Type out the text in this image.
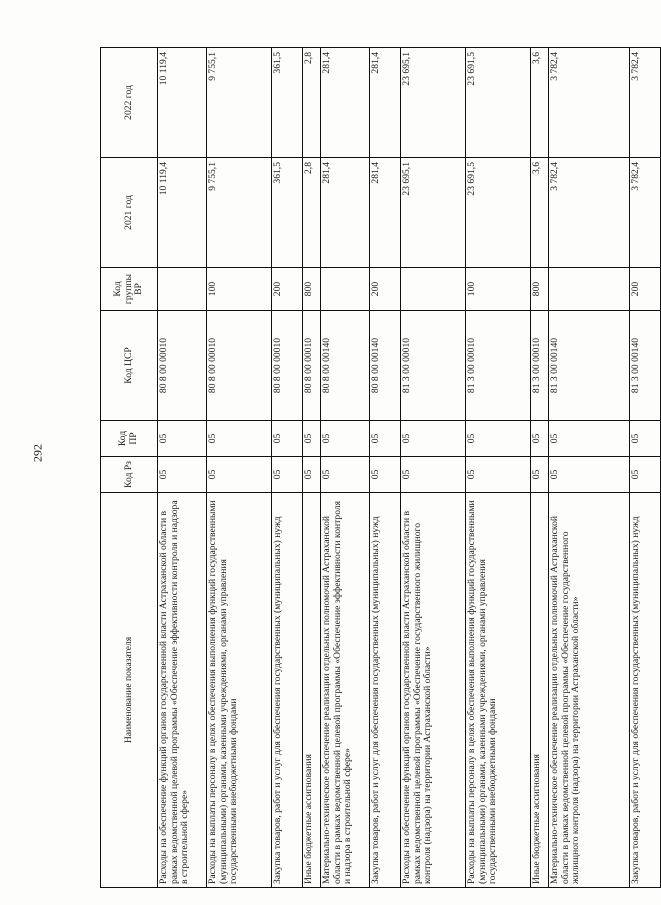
292
Наименование показателя	Код Рз	Код ПР	Код ЦСР	Код группы ВР	2021 год	2022 год
Расходы на обеспечение функций органов государственной власти Астраханской области в рамках ведомственной целевой программы «Обеспечение эффективности контроля и надзора в строительной сфере»	05	05	80 8 00 00010		10 119,4	10 119,4
Расходы на выплаты персоналу в целях обеспечения выполнения функций государственными (муниципальными) органами, казенными учреждениями, органами управления государственными внебюджетными фондами	05	05	80 8 00 00010	100	9 755,1	9 755,1
Закупка товаров, работ и услуг для обеспечения государственных (муниципальных) нужд	05	05	80 8 00 00010	200	361,5	361,5
Иные бюджетные ассигнования	05	05	80 8 00 00010	800	2,8	2,8
Материально-техническое обеспечение реализации отдельных полномочий Астраханской области в рамках ведомственной целевой программы «Обеспечение эффективности контроля и надзора в строительной сфере»	05	05	80 8 00 00140		281,4	281,4
Закупка товаров, работ и услуг для обеспечения государственных (муниципальных) нужд	05	05	80 8 00 00140	200	281,4	281,4
Расходы на обеспечение функций органов государственной власти Астраханской области в рамках ведомственной целевой программы «Обеспечение государственного жилищного контроля (надзора) на территории Астраханской области»	05	05	81 3 00 00010		23 695,1	23 695,1
Расходы на выплаты персоналу в целях обеспечения выполнения функций государственными (муниципальными) органами, казенными учреждениями, органами управления государственными внебюджетными фондами	05	05	81 3 00 00010	100	23 691,5	23 691,5
Иные бюджетные ассигнования	05	05	81 3 00 00010	800	3,6	3,6
Материально-техническое обеспечение реализации отдельных полномочий Астраханской области в рамках ведомственной целевой программы «Обеспечение государственного жилищного контроля (надзора) на территории Астраханской области»	05	05	81 3 00 00140		3 782,4	3 782,4
Закупка товаров, работ и услуг для обеспечения государственных (муниципальных) нужд	05	05	81 3 00 00140	200	3 782,4	3 782,4
